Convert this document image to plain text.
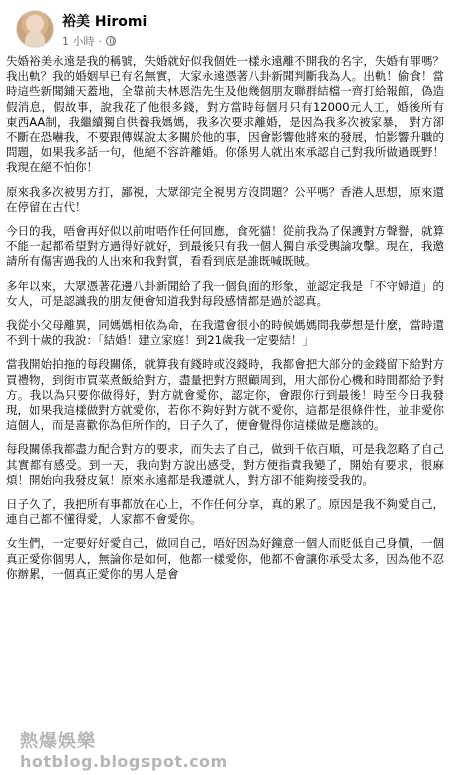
裕美 Hiromi
1 小時 ·

失婚裕美永遠是我的稱號，失婚就好似我個姓一樣永遠離不開我的名字，失婚有罪嗎？我出軌？我的婚姻早已有名無實，大家永遠憑著八卦新聞判斷我為人。出軌！偷食！當時這些新聞鋪天蓋地，全靠前夫林恩浩先生及他幾個朋友聯群結檔一齊打給報館，偽造假消息，假故事，說我花了他很多錢，對方當時每個月只有12000元人工，婚後所有東西AA制，我繼續獨自供養我媽媽，我多次要求離婚，是因為我多次被家暴， 對方卻不斷在恐嚇我，不要跟傳媒說太多關於他的事，因會影響他將來的發展，怕影響升職的問題，如果我多話一句，他絕不容許離婚。你係男人就出來承認自己對我所做過既野！我現在絕不怕你！

原來我多次被男方打，鄙視，大眾卻完全視男方沒問題？公平嗎？香港人思想，原來還在停留在古代！

今日的我，唔會再好似以前咁唔作任何回應，食死貓！從前我為了保護對方聲譽，就算不能一起都希望對方過得好就好，到最後只有我一個人獨自承受輿論攻擊。現在，我邀請所有傷害過我的人出來和我對質，看看到底是誰既喊既賊。

多年以來，大眾憑著花邊八卦新聞給了我一個負面的形象，並認定我是「不守婦道」的女人，可是認識我的朋友便會知道我對每段感情都是過於認真。

我從小父母離異，同媽媽相依為命，在我還會很小的時候媽媽問我夢想是什麼，當時還不到十歲的我說：「結婚！建立家庭！到21歲我一定要結！」

當我開始拍拖的每段關係，就算我有錢時或沒錢時，我都會把大部分的金錢留下給對方買禮物，到街市買菜煮飯給對方，盡量把對方照顧周到，用大部份心機和時間都給予對方。我以為只要你做得好，對方就會愛你，認定你，會跟你行到最後！時至今日我發現，如果我這樣做對方就愛你，若你不夠好對方就不愛你，這都是很條件性，並非愛你這個人，而是喜歡你為佢所作的，日子久了，便會覺得你這樣做是應該的。

每段關係我都盡力配合對方的要求，而失去了自己，做到千依百順，可是我忽略了自己其實都有感受。到一天，我向對方說出感受，對方便指責我變了，開始有要求，很麻煩！開始向我發皮氣！原來永遠都是我遷就人，對方卻不能夠接受我的。

日子久了，我把所有事都放在心上，不作任何分享，真的累了。原因是我不夠愛自己，連自己都不懂得愛，人家都不會愛你。

女生們，一定要好好愛自己，做回自己，唔好因為好鐘意一個人而貶低自己身價，一個真正愛你個男人，無論你是如何，他都一樣愛你，他都不會讓你承受太多，因為他不忍你辦累，一個真正愛你的男人是會

熱爆娛樂
hotblog.blogspot.com
